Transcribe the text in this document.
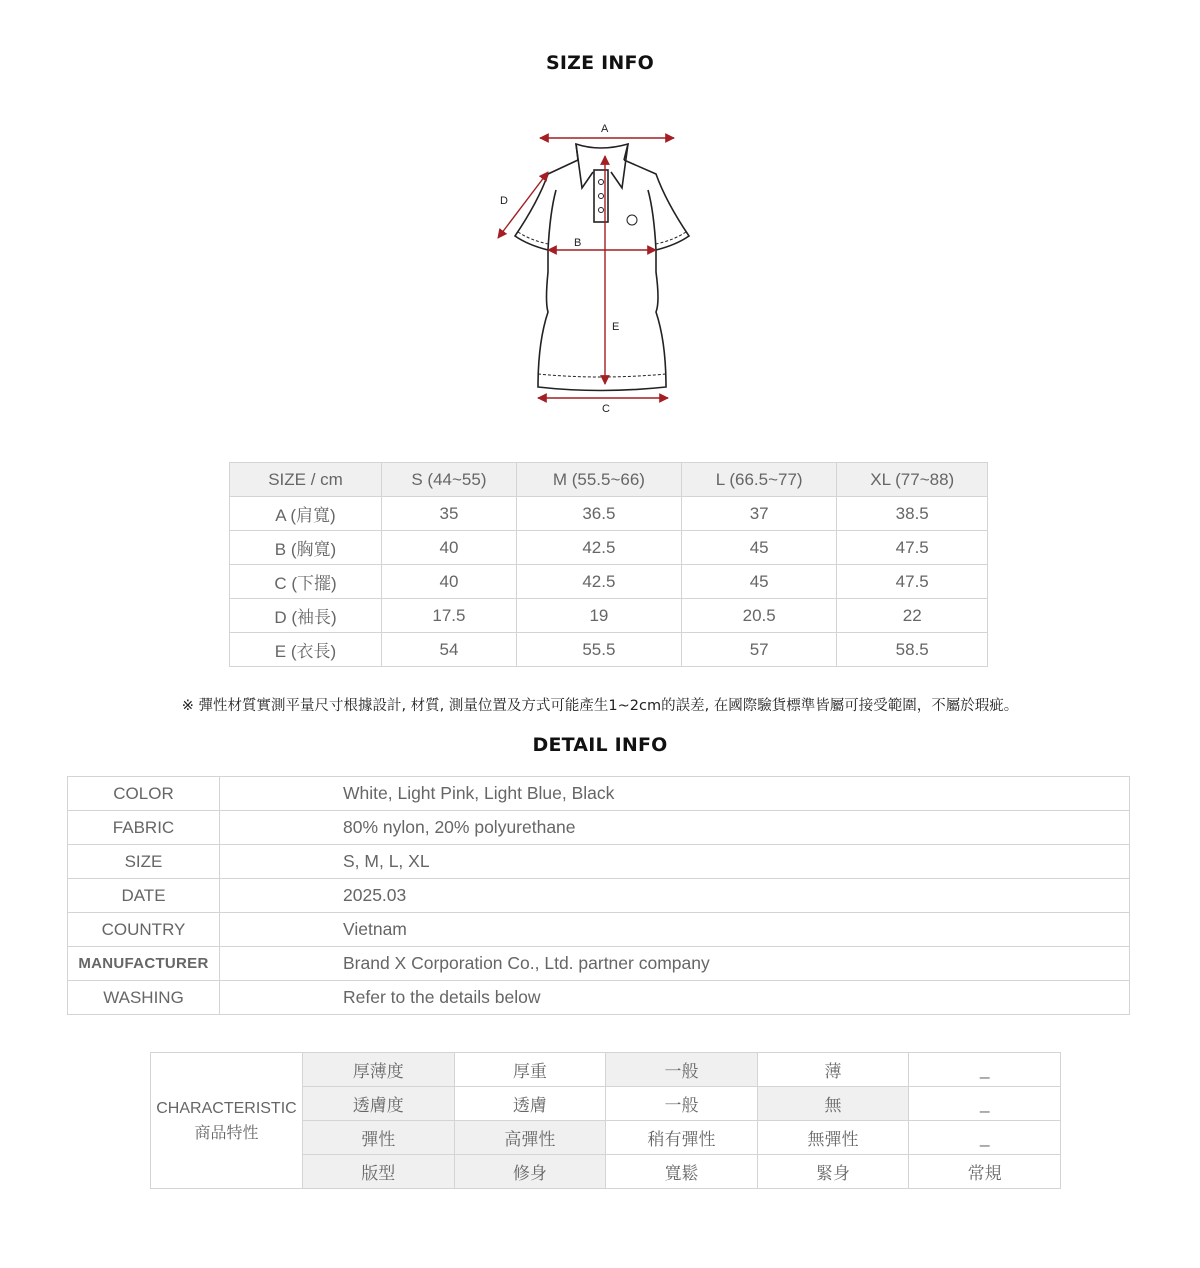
SIZE INFO
A
B
C
D
E
SIZE / cm	S (44~55)	M (55.5~66)	L (66.5~77)	XL (77~88)
A (肩寬)	35	36.5	37	38.5
B (胸寬)	40	42.5	45	47.5
C (下擺)	40	42.5	45	47.5
D (袖長)	17.5	19	20.5	22
E (衣長)	54	55.5	57	58.5
※ 彈性材質實測平量尺寸根據設計, 材質, 測量位置及方式可能產生1~2cm的誤差, 在國際驗貨標準皆屬可接受範圍，不屬於瑕疵。
DETAIL INFO
COLOR	White, Light Pink, Light Blue, Black
FABRIC	80% nylon, 20% polyurethane
SIZE	S, M, L, XL
DATE	2025.03
COUNTRY	Vietnam
MANUFACTURER	Brand X Corporation Co., Ltd. partner company
WASHING	Refer to the details below
CHARACTERISTIC
商品特性	厚薄度	厚重	一般	薄	_
	透膚度	透膚	一般	無	_
	彈性	高彈性	稍有彈性	無彈性	_
	版型	修身	寬鬆	緊身	常規
